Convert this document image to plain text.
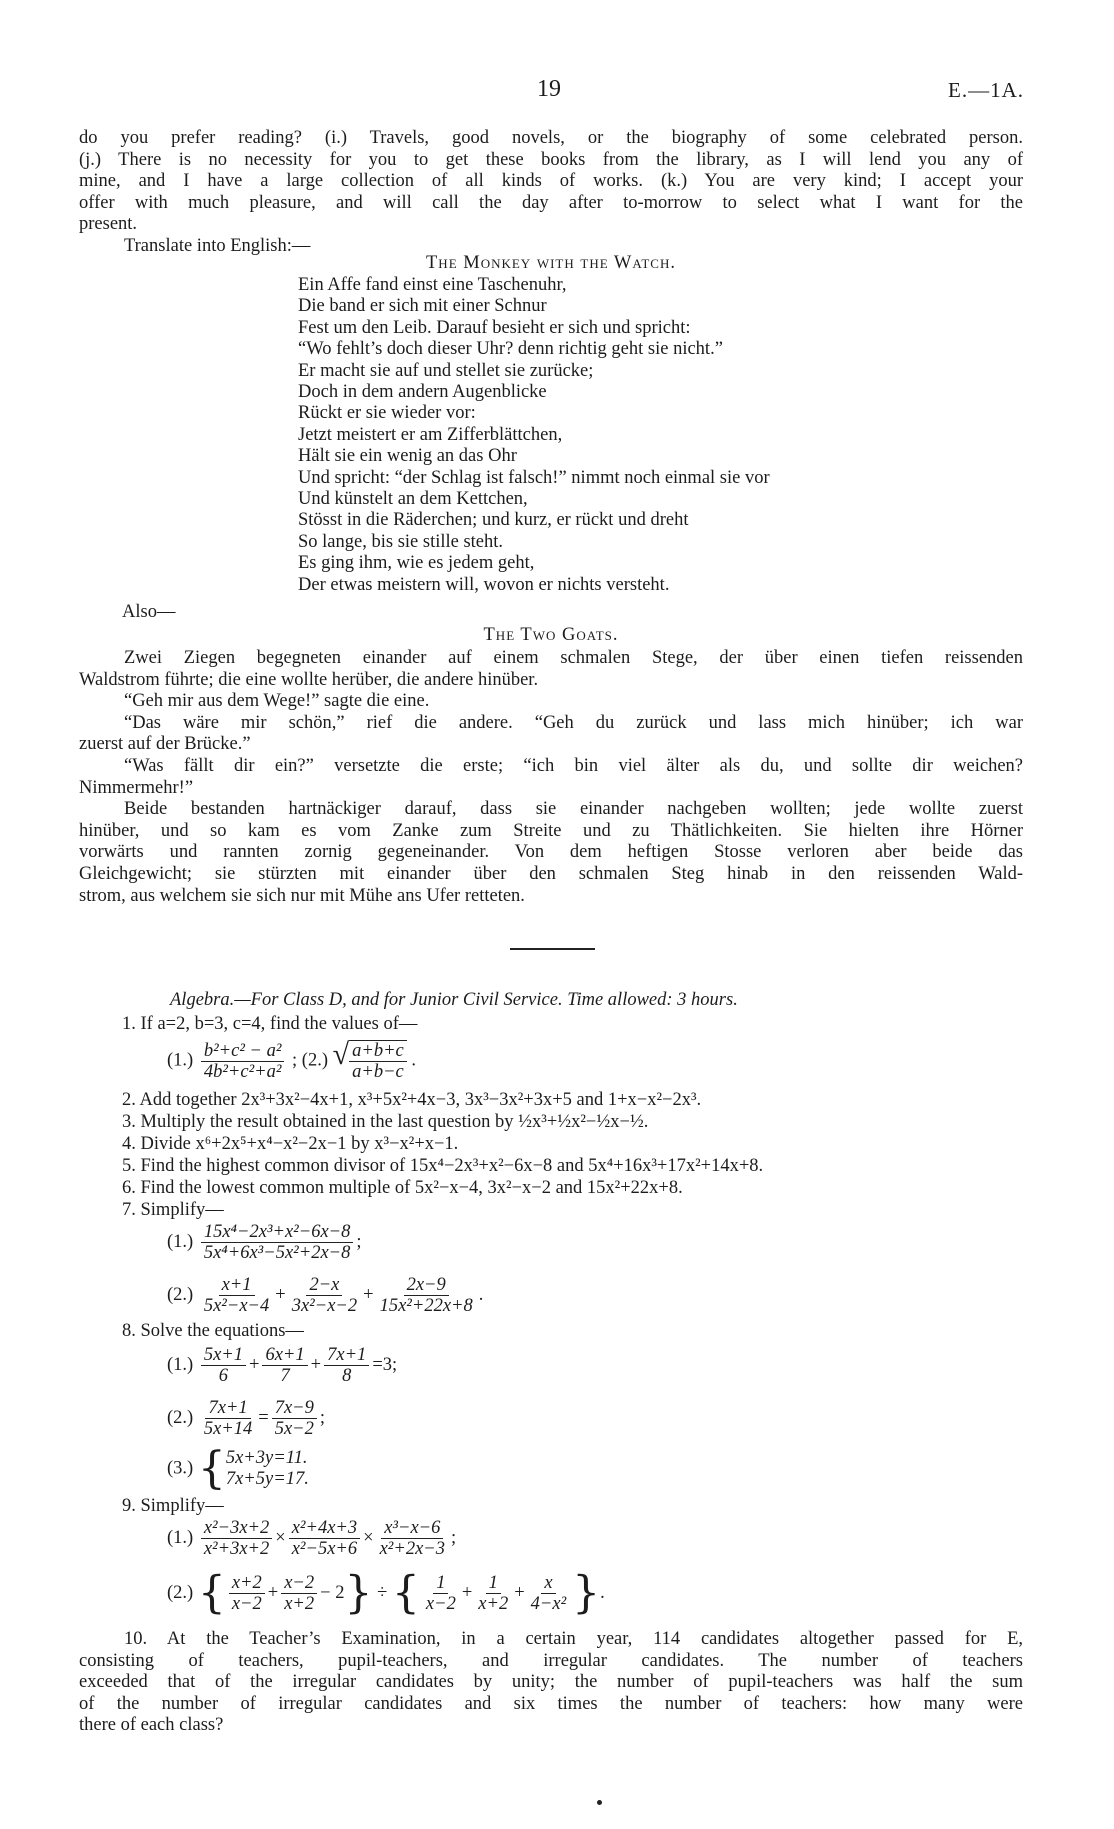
19	E.—1A.
do you prefer reading? (i.) Travels, good novels, or the biography of some celebrated person.
(j.) There is no necessity for you to get these books from the library, as I will lend you any of
mine, and I have a large collection of all kinds of works. (k.) You are very kind; I accept your
offer with much pleasure, and will call the day after to-morrow to select what I want for the
present.
Translate into English:—
The Monkey with the Watch.
Ein Affe fand einst eine Taschenuhr,
Die band er sich mit einer Schnur
Fest um den Leib. Darauf besieht er sich und spricht:
“Wo fehlt’s doch dieser Uhr? denn richtig geht sie nicht.”
Er macht sie auf und stellet sie zurücke;
Doch in dem andern Augenblicke
Rückt er sie wieder vor:
Jetzt meistert er am Zifferblättchen,
Hält sie ein wenig an das Ohr
Und spricht: “der Schlag ist falsch!” nimmt noch einmal sie vor
Und künstelt an dem Kettchen,
Stösst in die Räderchen; und kurz, er rückt und dreht
So lange, bis sie stille steht.
Es ging ihm, wie es jedem geht,
Der etwas meistern will, wovon er nichts versteht.
Also—
The Two Goats.
Zwei Ziegen begegneten einander auf einem schmalen Stege, der über einen tiefen reissenden
Waldstrom führte; die eine wollte herüber, die andere hinüber.
“Geh mir aus dem Wege!” sagte die eine.
“Das wäre mir schön,” rief die andere. “Geh du zurück und lass mich hinüber; ich war
zuerst auf der Brücke.”
“Was fällt dir ein?” versetzte die erste; “ich bin viel älter als du, und sollte dir weichen?
Nimmermehr!”
Beide bestanden hartnäckiger darauf, dass sie einander nachgeben wollten; jede wollte zuerst
hinüber, und so kam es vom Zanke zum Streite und zu Thätlichkeiten. Sie hielten ihre Hörner
vorwärts und rannten zornig gegeneinander. Von dem heftigen Stosse verloren aber beide das
Gleichgewicht; sie stürzten mit einander über den schmalen Steg hinab in den reissenden Wald-
strom, aus welchem sie sich nur mit Mühe ans Ufer retteten.
Algebra.—For Class D, and for Junior Civil Service. Time allowed: 3 hours.
1. If a=2, b=3, c=4, find the values of—
$(1.) \frac{\text{b²+c² − a²}}{\text{4b²+c²+a²}}$ ; (2.) √ $\frac{a+b+c}{a+b-c}$ .
2. Add together 2x³+3x²−4x+1, x³+5x²+4x−3, 3x³−3x²+3x+5 and 1+x−x²−2x³.
3. Multiply the result obtained in the last question by ½x³+½x²−½x−½.
4. Divide x⁶+2x⁵+x⁴−x²−2x−1 by x³−x²+x−1.
5. Find the highest common divisor of 15x⁴−2x³+x²−6x−8 and 5x⁴+16x³+17x²+14x+8.
6. Find the lowest common multiple of 5x²−x−4, 3x²−x−2 and 15x²+22x+8.
7. Simplify—
$(1.) \frac{\text{15x⁴−2x³+x²−6x−8}}{\text{5x⁴+6x³−5x²+2x−8}}$ ;
$(2.) \frac{x+1}{\text{5x²−x−4}} + \frac{2-x}{\text{3x²−x−2}} + \frac{2x-9}{\text{15x²+22x+8}}$ .
8. Solve the equations—
$(1.) \frac{5x+1}{6} + \frac{6x+1}{7} + \frac{7x+1}{8} =3$;
$(2.) \frac{7x+1}{5x+14} = \frac{7x-9}{5x-2}$ ;
(3.) { 5x+3y=11.
7x+5y=17.
9. Simplify—
$(1.) \frac{\text{x²−3x+2}}{\text{x²+3x+2}} \times \frac{\text{x²+4x+3}}{\text{x²−5x+6}} \times \frac{\text{x³−x−6}}{\text{x²+2x−3}}$ ;
(2.) { $\frac{x+2}{x-2} + \frac{x-2}{x+2} - 2$} ÷ { $\frac{1}{x-2} + \frac{1}{x+2} + \frac{x}{\text{4−x²}}$ }.
10. At the Teacher’s Examination, in a certain year, 114 candidates altogether passed for E,
consisting of teachers, pupil-teachers, and irregular candidates. The number of teachers
exceeded that of the irregular candidates by unity; the number of pupil-teachers was half the sum
of the number of irregular candidates and six times the number of teachers: how many were
there of each class?
